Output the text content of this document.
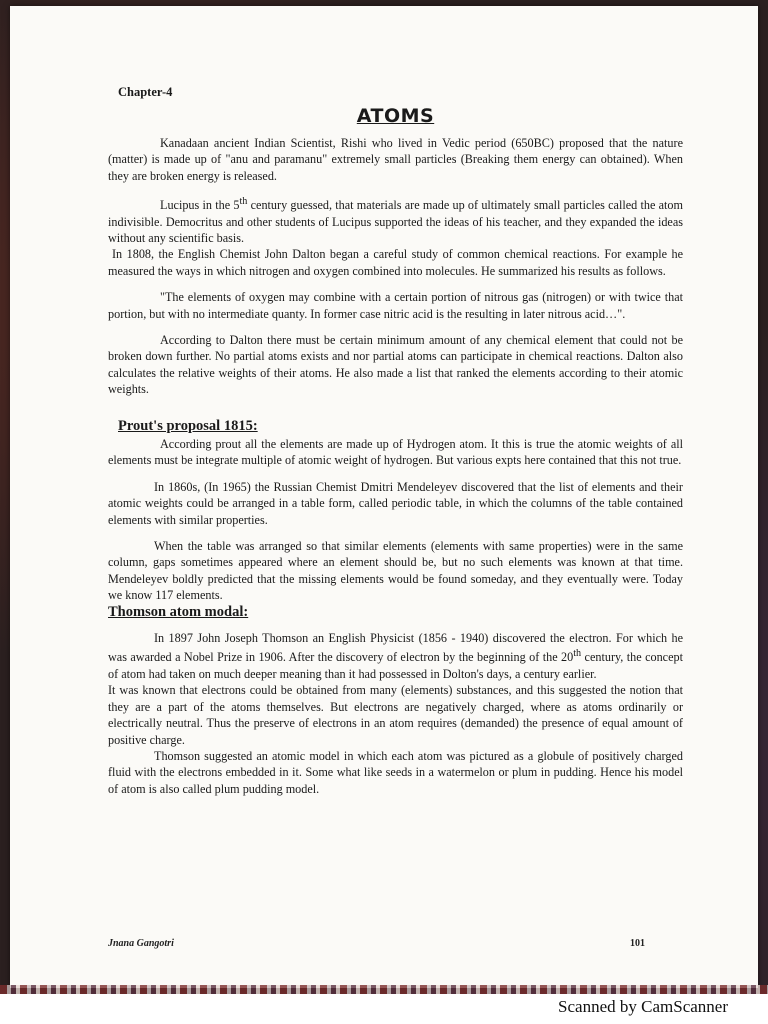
Chapter-4
ATOMS

Kanadaan ancient Indian Scientist, Rishi who lived in Vedic period (650BC) proposed that the nature (matter) is made up of "anu and paramanu" extremely small particles (Breaking them energy can obtained). When they are broken energy is released.

Lucipus in the 5th century guessed, that materials are made up of ultimately small particles called the atom indivisible. Democritus and other students of Lucipus supported the ideas of his teacher, and they expanded the ideas without any scientific basis.

In 1808, the English Chemist John Dalton began a careful study of common chemical reactions. For example he measured the ways in which nitrogen and oxygen combined into molecules. He summarized his results as follows.

"The elements of oxygen may combine with a certain portion of nitrous gas (nitrogen) or with twice that portion, but with no intermediate quanty. In former case nitric acid is the resulting in later nitrous acid…".

According to Dalton there must be certain minimum amount of any chemical element that could not be broken down further. No partial atoms exists and nor partial atoms can participate in chemical reactions. Dalton also calculates the relative weights of their atoms. He also made a list that ranked the elements according to their atomic weights.

Prout's proposal 1815:

According prout all the elements are made up of Hydrogen atom. It this is true the atomic weights of all elements must be integrate multiple of atomic weight of hydrogen. But various expts here contained that this not true.

In 1860s, (In 1965) the Russian Chemist Dmitri Mendeleyev discovered that the list of elements and their atomic weights could be arranged in a table form, called periodic table, in which the columns of the table contained elements with similar properties.

When the table was arranged so that similar elements (elements with same properties) were in the same column, gaps sometimes appeared where an element should be, but no such elements was known at that time. Mendeleyev boldly predicted that the missing elements would be found someday, and they eventually were. Today we know 117 elements.

Thomson atom modal:

In 1897 John Joseph Thomson an English Physicist (1856 - 1940) discovered the electron. For which he was awarded a Nobel Prize in 1906. After the discovery of electron by the beginning of the 20th century, the concept of atom had taken on much deeper meaning than it had possessed in Dolton's days, a century earlier.

It was known that electrons could be obtained from many (elements) substances, and this suggested the notion that they are a part of the atoms themselves. But electrons are negatively charged, where as atoms ordinarily or electrically neutral. Thus the preserve of electrons in an atom requires (demanded) the presence of equal amount of positive charge.

Thomson suggested an atomic model in which each atom was pictured as a globule of positively charged fluid with the electrons embedded in it. Some what like seeds in a watermelon or plum in pudding. Hence his model of atom is also called plum pudding model.

Jnana Gangotri	101
Scanned by CamScanner
